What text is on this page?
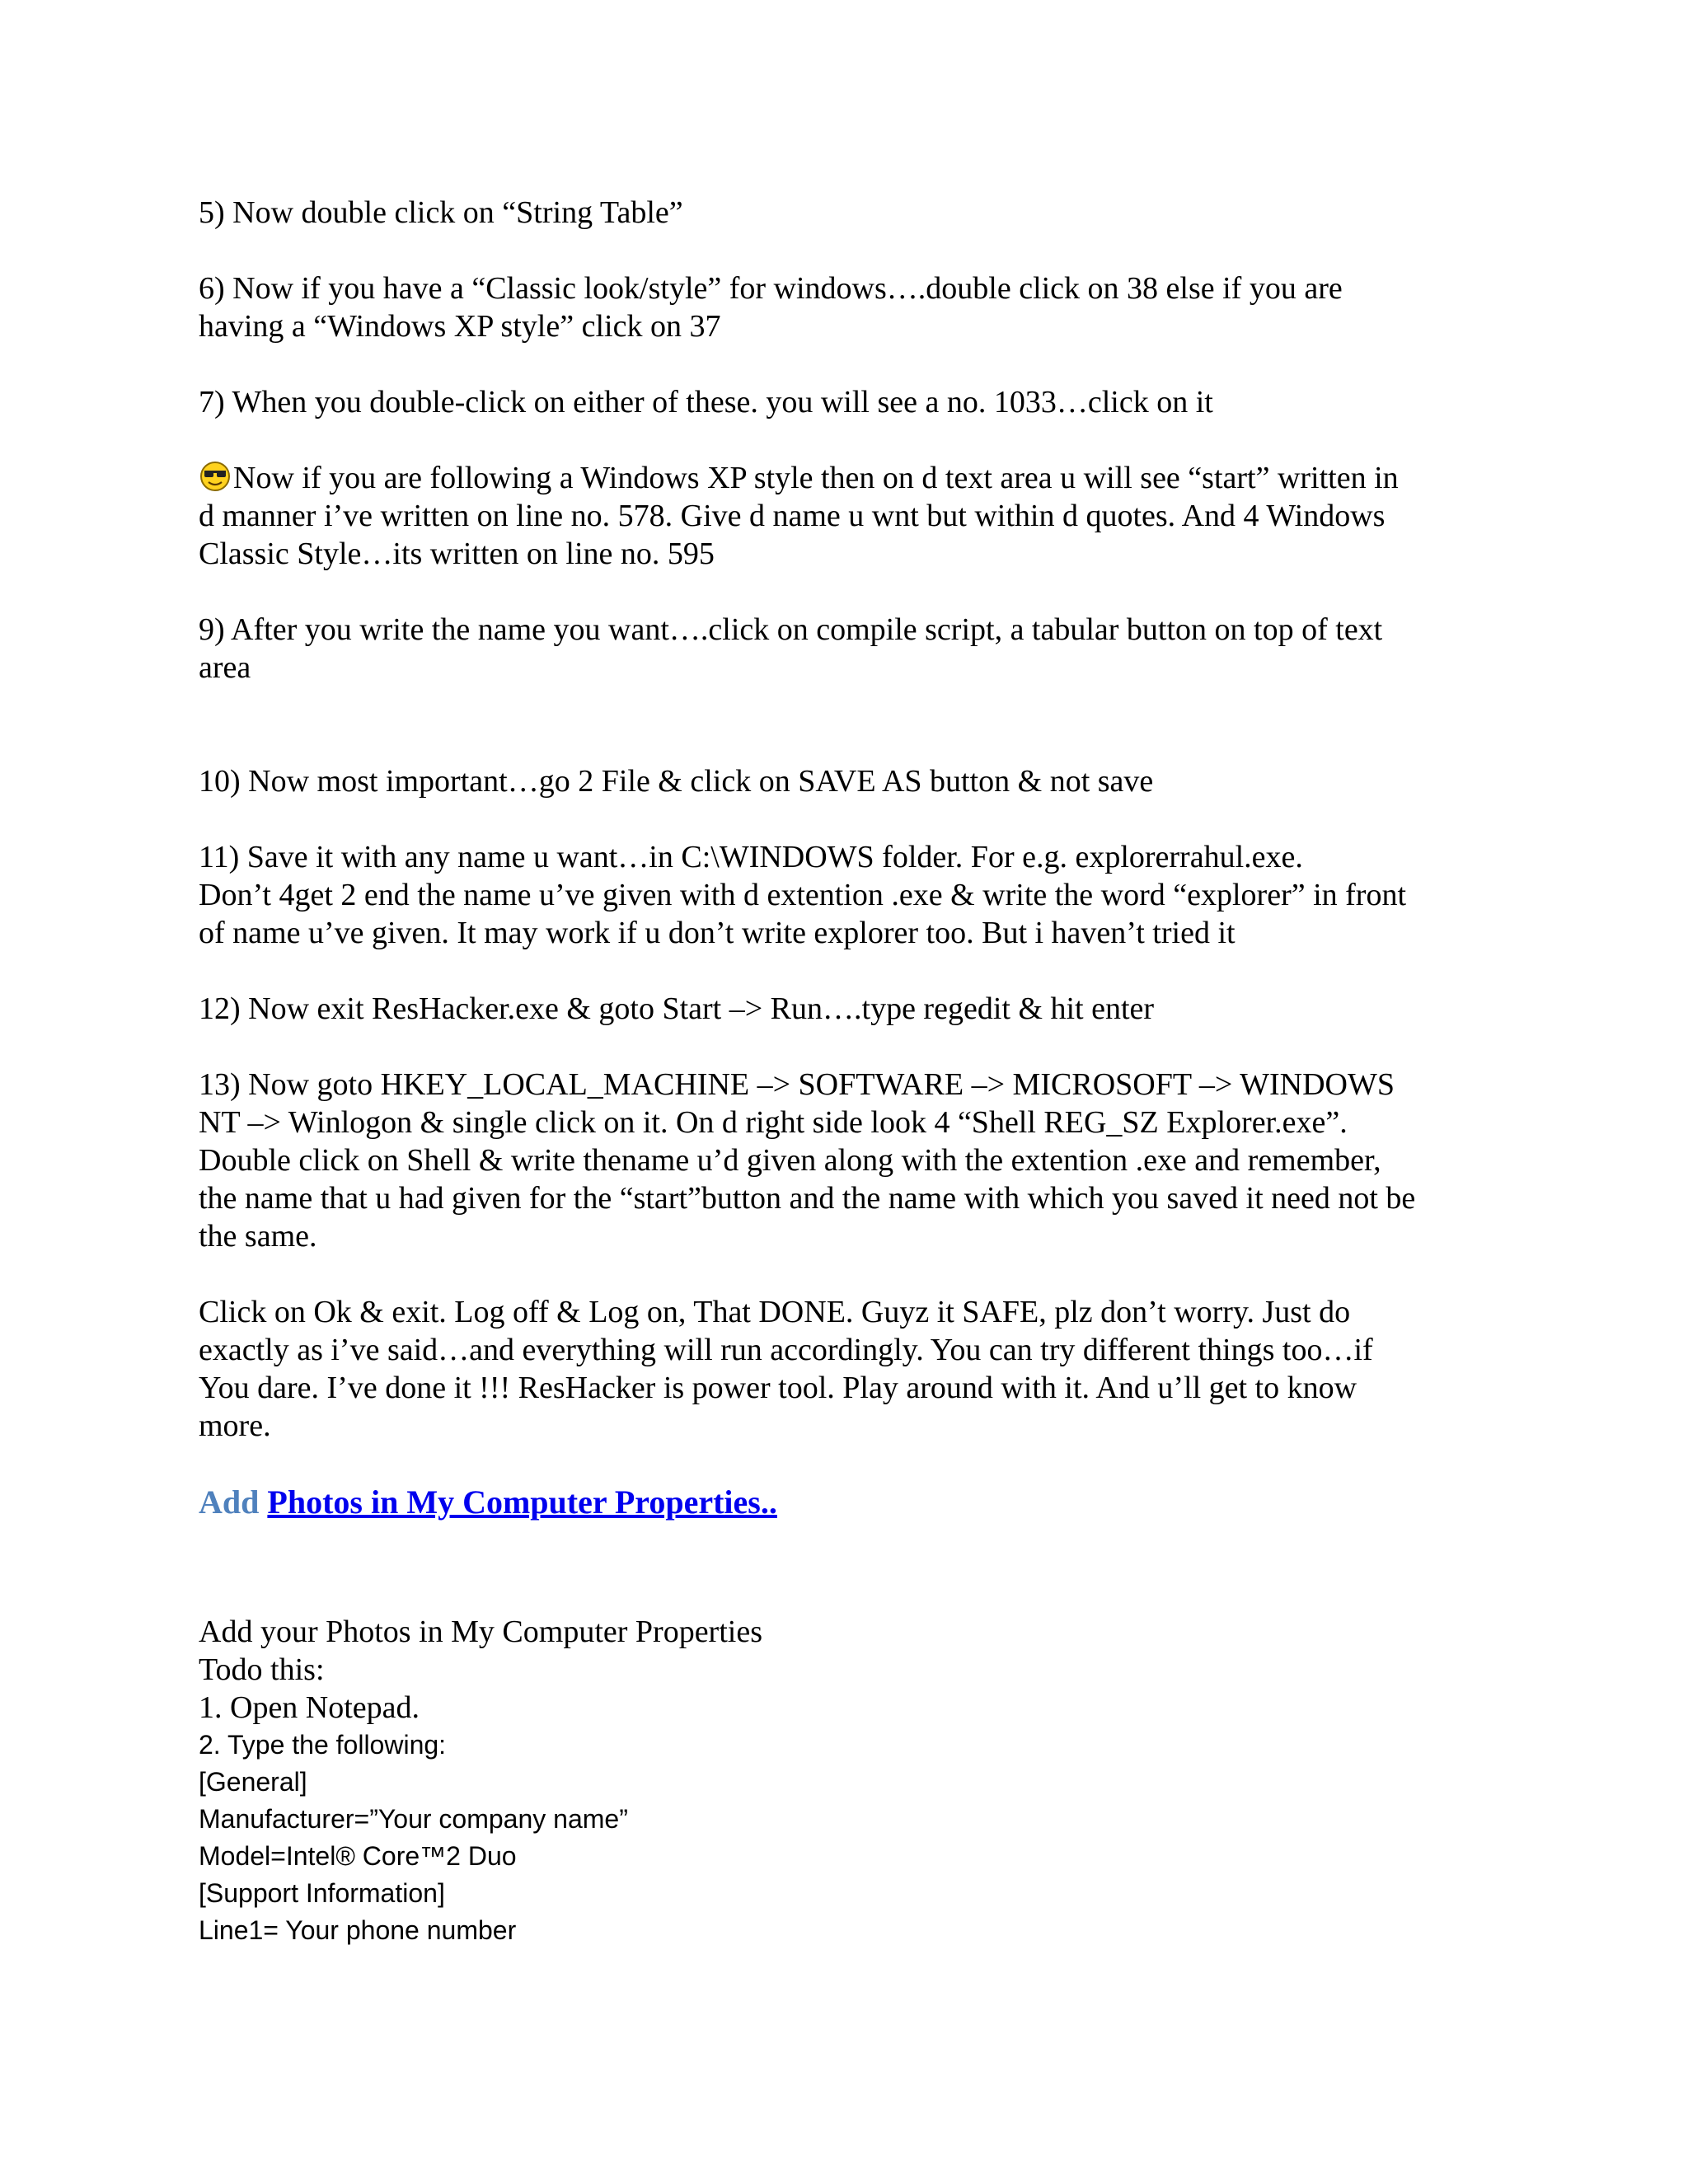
5) Now double click on “String Table”

6) Now if you have a “Classic look/style” for windows….double click on 38 else if you are
having a “Windows XP style” click on 37

7) When you double-click on either of these. you will see a no. 1033…click on it

Now if you are following a Windows XP style then on d text area u will see “start” written in
d manner i’ve written on line no. 578. Give d name u wnt but within d quotes. And 4 Windows
Classic Style…its written on line no. 595

9) After you write the name you want….click on compile script, a tabular button on top of text
area

10) Now most important…go 2 File & click on SAVE AS button & not save

11) Save it with any name u want…in C:\WINDOWS folder. For e.g. explorerrahul.exe.
Don’t 4get 2 end the name u’ve given with d extention .exe & write the word “explorer” in front
of name u’ve given. It may work if u don’t write explorer too. But i haven’t tried it

12) Now exit ResHacker.exe & goto Start –> Run….type regedit & hit enter

13) Now goto HKEY_LOCAL_MACHINE –> SOFTWARE –> MICROSOFT –> WINDOWS
NT –> Winlogon & single click on it. On d right side look 4 “Shell REG_SZ Explorer.exe”.
Double click on Shell & write thename u’d given along with the extention .exe and remember,
the name that u had given for the “start”button and the name with which you saved it need not be
the same.

Click on Ok & exit. Log off & Log on, That DONE. Guyz it SAFE, plz don’t worry. Just do
exactly as i’ve said…and everything will run accordingly. You can try different things too…if
You dare. I’ve done it !!! ResHacker is power tool. Play around with it. And u’ll get to know
more.

Add Photos in My Computer Properties..
Add your Photos in My Computer Properties
Todo this:
1. Open Notepad.
2. Type the following:
[General]
Manufacturer=”Your company name”
Model=Intel® Core™2 Duo
[Support Information]
Line1= Your phone number
